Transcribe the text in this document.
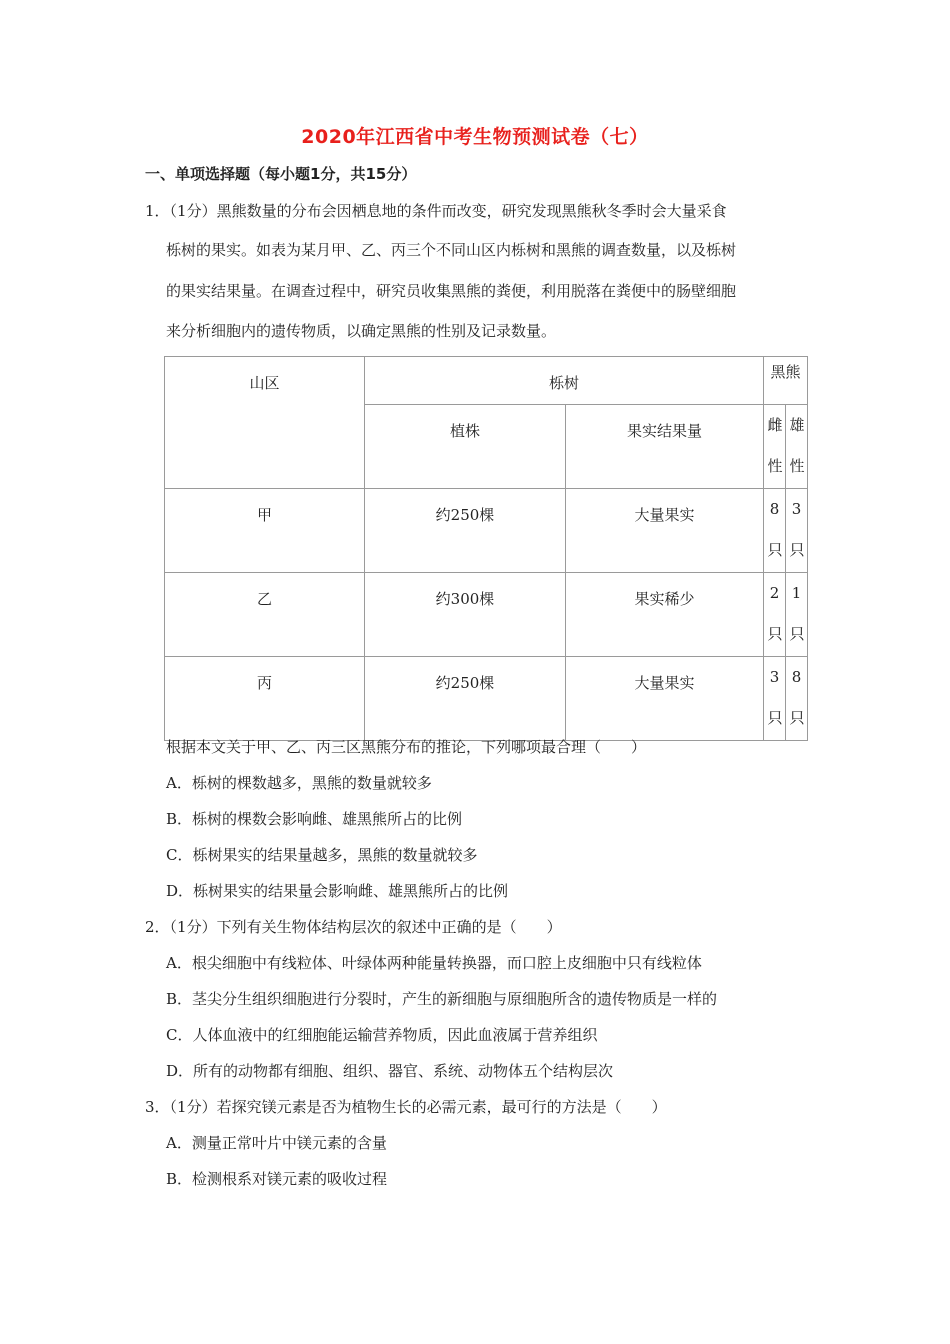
2020年江西省中考生物预测试卷（七）
一、单项选择题（每小题1分，共15分）
1．（1分）黑熊数量的分布会因栖息地的条件而改变，研究发现黑熊秋冬季时会大量采食
栎树的果实。如表为某月甲、乙、丙三个不同山区内栎树和黑熊的调查数量，以及栎树
的果实结果量。在调查过程中，研究员收集黑熊的粪便，利用脱落在粪便中的肠壁细胞
来分析细胞内的遗传物质，以确定黑熊的性别及记录数量。
山区	栎树		黑熊	
	植株	果实结果量	雌性	雄性

甲	约250棵	大量果实	8只	3只

乙	约300棵	果实稀少	2只	1只

丙	约250棵	大量果实	3只	8只
根据本文关于甲、乙、丙三区黑熊分布的推论，下列哪项最合理（　　）
A．栎树的棵数越多，黑熊的数量就较多
B．栎树的棵数会影响雌、雄黑熊所占的比例
C．栎树果实的结果量越多，黑熊的数量就较多
D．栎树果实的结果量会影响雌、雄黑熊所占的比例
2．（1分）下列有关生物体结构层次的叙述中正确的是（　　）
A．根尖细胞中有线粒体、叶绿体两种能量转换器，而口腔上皮细胞中只有线粒体
B．茎尖分生组织细胞进行分裂时，产生的新细胞与原细胞所含的遗传物质是一样的
C．人体血液中的红细胞能运输营养物质，因此血液属于营养组织
D．所有的动物都有细胞、组织、器官、系统、动物体五个结构层次
3．（1分）若探究镁元素是否为植物生长的必需元素，最可行的方法是（　　）
A．测量正常叶片中镁元素的含量
B．检测根系对镁元素的吸收过程
